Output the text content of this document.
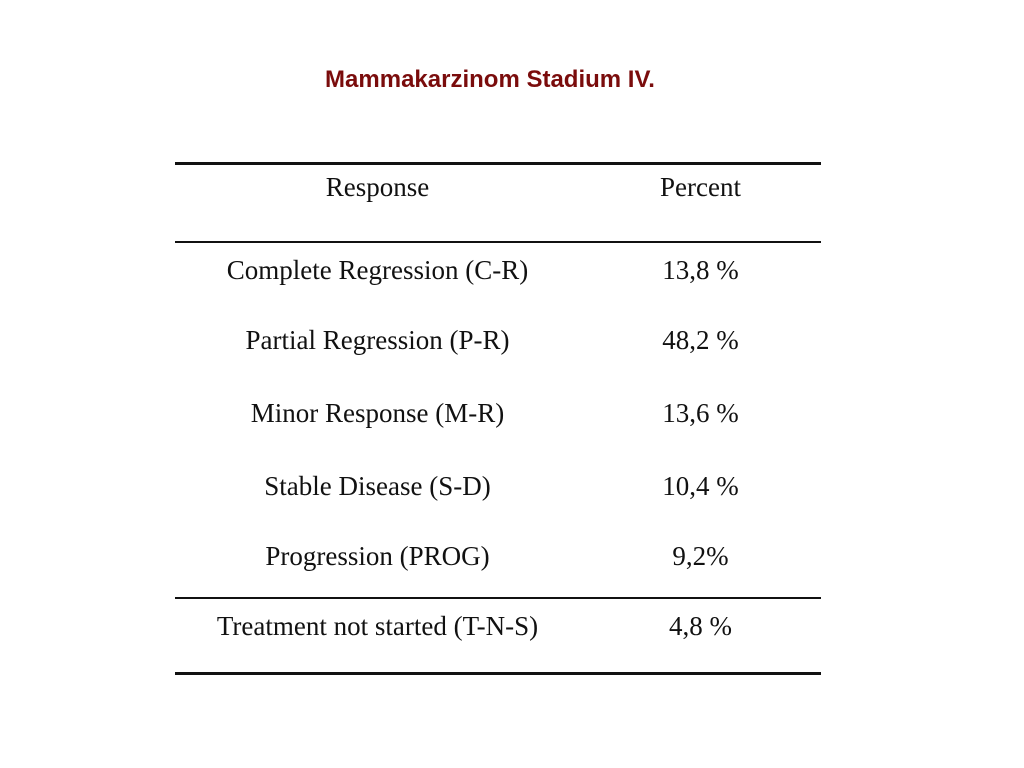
Mammakarzinom Stadium IV.
Response	Percent
Complete Regression (C-R)	13,8 %
Partial Regression (P-R)	48,2 %
Minor Response (M-R)	13,6 %
Stable Disease (S-D)	10,4 %
Progression (PROG)	9,2%
Treatment not started (T-N-S)	4,8 %
